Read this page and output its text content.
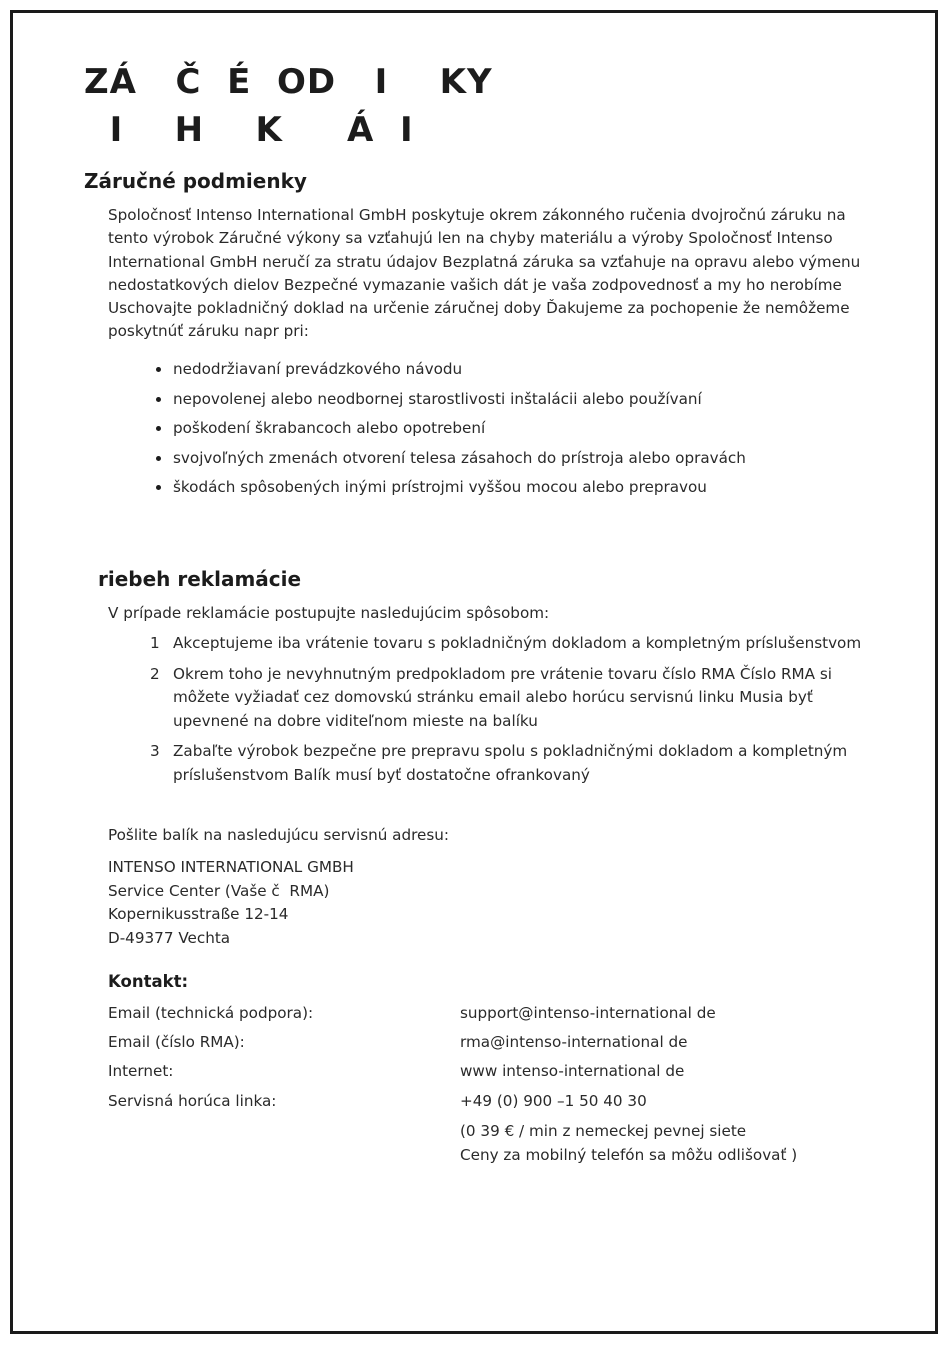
ZÁ   Č  É  OD   I    KY
I    H    K     Á  I
Záručné podmienky

Spoločnosť Intenso International GmbH poskytuje okrem zákonného ručenia dvojročnú záruku na tento výrobok Záručné výkony sa vzťahujú len na chyby materiálu a výroby Spoločnosť Intenso International GmbH neručí za stratu údajov Bezplatná záruka sa vzťahuje na opravu alebo výmenu nedostatkových dielov Bezpečné vymazanie vašich dát je vaša zodpovednosť a my ho nerobíme Uschovajte pokladničný doklad na určenie záručnej doby Ďakujeme za pochopenie že nemôžeme poskytnúť záruku napr pri:

nedodržiavaní prevádzkového návodu
nepovolenej alebo neodbornej starostlivosti inštalácii alebo používaní
poškodení škrabancoch alebo opotrebení
svojvoľných zmenách otvorení telesa zásahoch do prístroja alebo opravách
škodách spôsobených inými prístrojmi vyššou mocou alebo prepravou
riebeh reklamácie

V prípade reklamácie postupujte nasledujúcim spôsobom:

1 Akceptujeme iba vrátenie tovaru s pokladničným dokladom a kompletným príslušenstvom
2 Okrem toho je nevyhnutným predpokladom pre vrátenie tovaru číslo RMA Číslo RMA si môžete vyžiadať cez domovskú stránku email alebo horúcu servisnú linku Musia byť upevnené na dobre viditeľnom mieste na balíku
3 Zabaľte výrobok bezpečne pre prepravu spolu s pokladničnými dokladom a kompletným príslušenstvom Balík musí byť dostatočne ofrankovaný

Pošlite balík na nasledujúcu servisnú adresu:

INTENSO INTERNATIONAL GMBH
Service Center (Vaše č  RMA)
Kopernikusstraße 12-14
D-49377 Vechta
Kontakt:
Email (technická podpora):	support@intenso-international de
Email (číslo RMA):	rma@intenso-international de
Internet:	www intenso-international de
Servisná horúca linka:	+49 (0) 900 –1 50 40 30
(0 39 € / min z nemeckej pevnej siete
Ceny za mobilný telefón sa môžu odlišovať )
